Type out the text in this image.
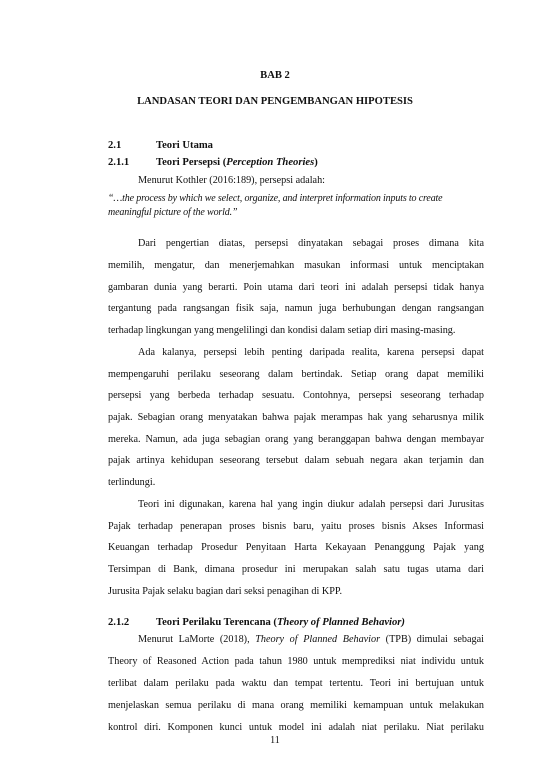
BAB 2
LANDASAN TEORI DAN PENGEMBANGAN HIPOTESIS
2.1	Teori Utama
2.1.1	Teori Persepsi (Perception Theories)
Menurut Kothler (2016:189), persepsi adalah:
“…the process by which we select, organize, and interpret information inputs to create
meaningful picture of the world.”
Dari pengertian diatas, persepsi dinyatakan sebagai proses dimana kita
memilih, mengatur, dan menerjemahkan masukan informasi untuk menciptakan
gambaran dunia yang berarti. Poin utama dari teori ini adalah persepsi tidak hanya
tergantung pada rangsangan fisik saja, namun juga berhubungan dengan rangsangan
terhadap lingkungan yang mengelilingi dan kondisi dalam setiap diri masing-masing.
Ada kalanya, persepsi lebih penting daripada realita, karena persepsi dapat
mempengaruhi perilaku seseorang dalam bertindak. Setiap orang dapat memiliki
persepsi yang berbeda terhadap sesuatu. Contohnya, persepsi seseorang terhadap
pajak. Sebagian orang menyatakan bahwa pajak merampas hak yang seharusnya milik
mereka. Namun, ada juga sebagian orang yang beranggapan bahwa dengan membayar
pajak artinya kehidupan seseorang tersebut dalam sebuah negara akan terjamin dan
terlindungi.
Teori ini digunakan, karena hal yang ingin diukur adalah persepsi dari Jurusitas
Pajak terhadap penerapan proses bisnis baru, yaitu proses bisnis Akses Informasi
Keuangan terhadap Prosedur Penyitaan Harta Kekayaan Penanggung Pajak yang
Tersimpan di Bank, dimana prosedur ini merupakan salah satu tugas utama dari
Jurusita Pajak selaku bagian dari seksi penagihan di KPP.
2.1.2	Teori Perilaku Terencana (Theory of Planned Behavior)
Menurut LaMorte (2018), Theory of Planned Behavior (TPB) dimulai sebagai
Theory of Reasoned Action pada tahun 1980 untuk memprediksi niat individu untuk
terlibat dalam perilaku pada waktu dan tempat tertentu. Teori ini bertujuan untuk
menjelaskan semua perilaku di mana orang memiliki kemampuan untuk melakukan
kontrol diri. Komponen kunci untuk model ini adalah niat perilaku. Niat perilaku
11
